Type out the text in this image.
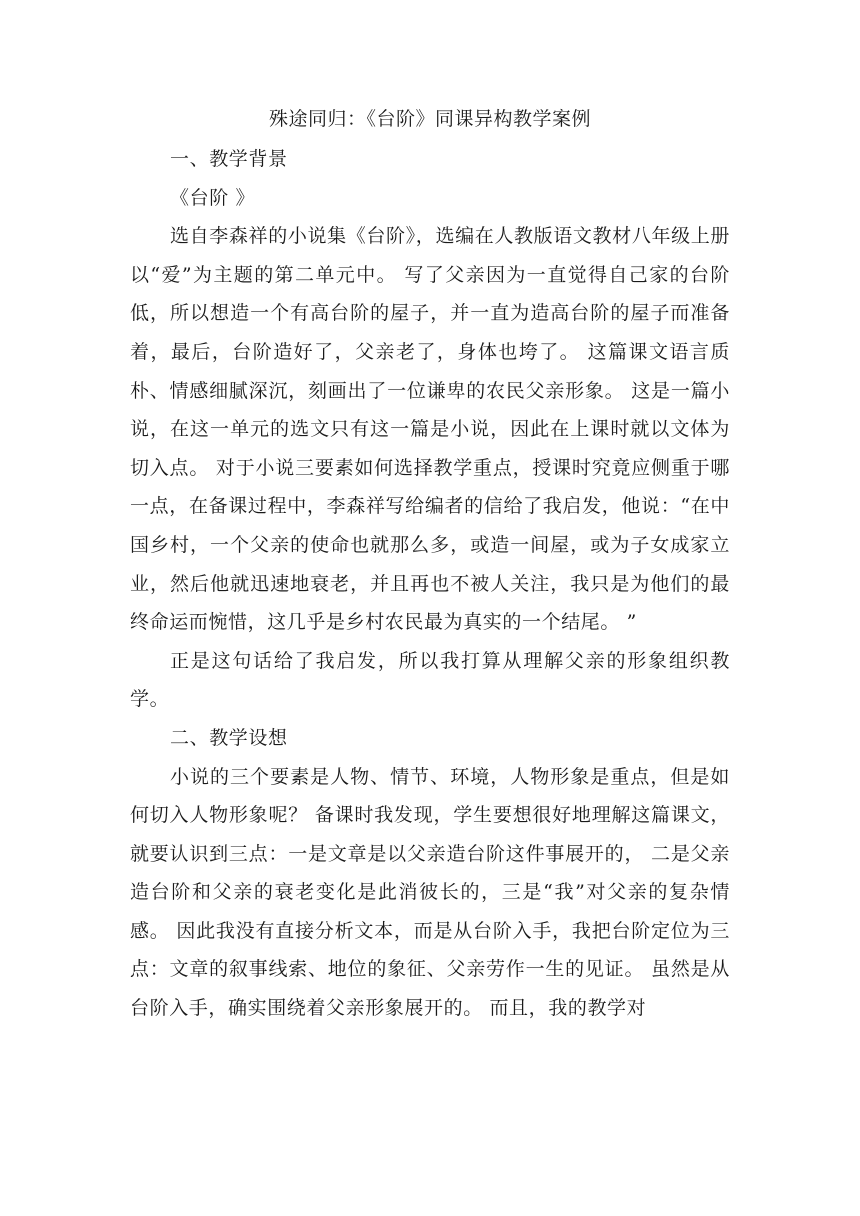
殊途同归：《台阶》同课异构教学案例

一、教学背景

《台阶 》

选自李森祥的小说集《台阶》，选编在人教版语文教材八年级上册以“爱”为主题的第二单元中。 写了父亲因为一直觉得自己家的台阶低，所以想造一个有高台阶的屋子，并一直为造高台阶的屋子而准备着，最后，台阶造好了，父亲老了，身体也垮了。 这篇课文语言质朴、情感细腻深沉，刻画出了一位谦卑的农民父亲形象。 这是一篇小说，在这一单元的选文只有这一篇是小说，因此在上课时就以文体为切入点。 对于小说三要素如何选择教学重点，授课时究竟应侧重于哪一点，在备课过程中，李森祥写给编者的信给了我启发，他说：“在中国乡村，一个父亲的使命也就那么多，或造一间屋，或为子女成家立业，然后他就迅速地衰老，并且再也不被人关注，我只是为他们的最终命运而惋惜，这几乎是乡村农民最为真实的一个结尾。 ”

正是这句话给了我启发，所以我打算从理解父亲的形象组织教学。

二、教学设想

小说的三个要素是人物、情节、环境，人物形象是重点，但是如何切入人物形象呢？ 备课时我发现，学生要想很好地理解这篇课文，就要认识到三点：一是文章是以父亲造台阶这件事展开的， 二是父亲造台阶和父亲的衰老变化是此消彼长的，三是“我”对父亲的复杂情感。 因此我没有直接分析文本，而是从台阶入手，我把台阶定位为三点：文章的叙事线索、地位的象征、父亲劳作一生的见证。 虽然是从台阶入手，确实围绕着父亲形象展开的。 而且，我的教学对
